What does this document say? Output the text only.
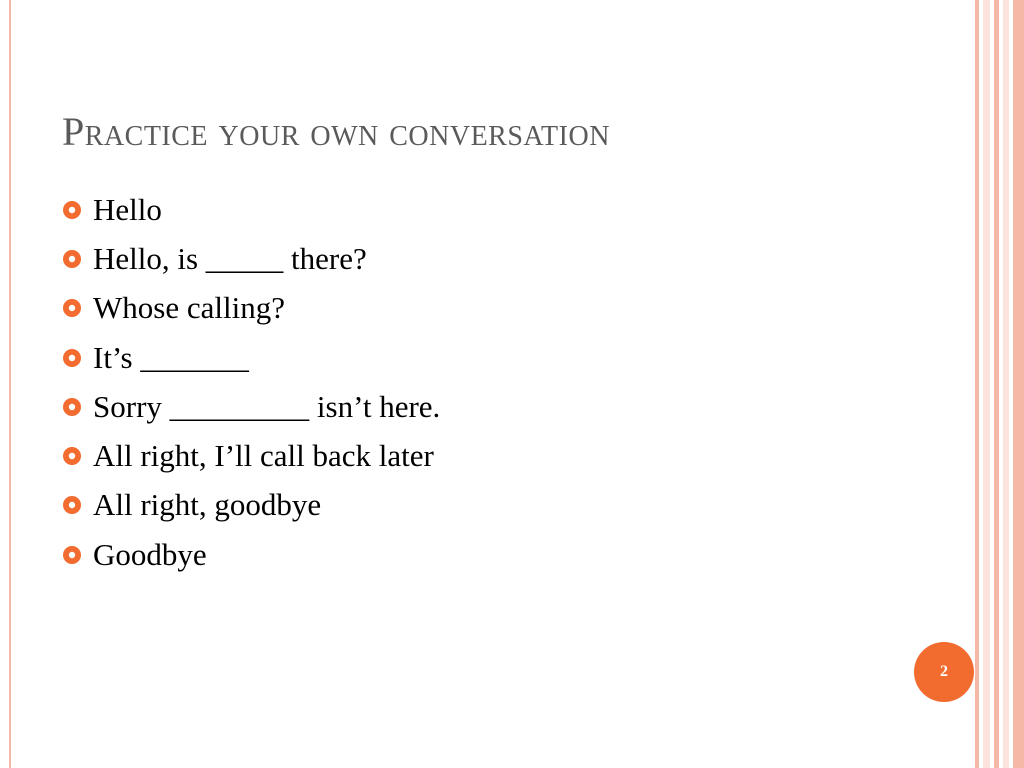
Practice your own conversation
Hello
Hello, is _____ there?
Whose calling?
It’s _______
Sorry _________ isn’t here.
All right, I’ll call back later
All right, goodbye
Goodbye
2
